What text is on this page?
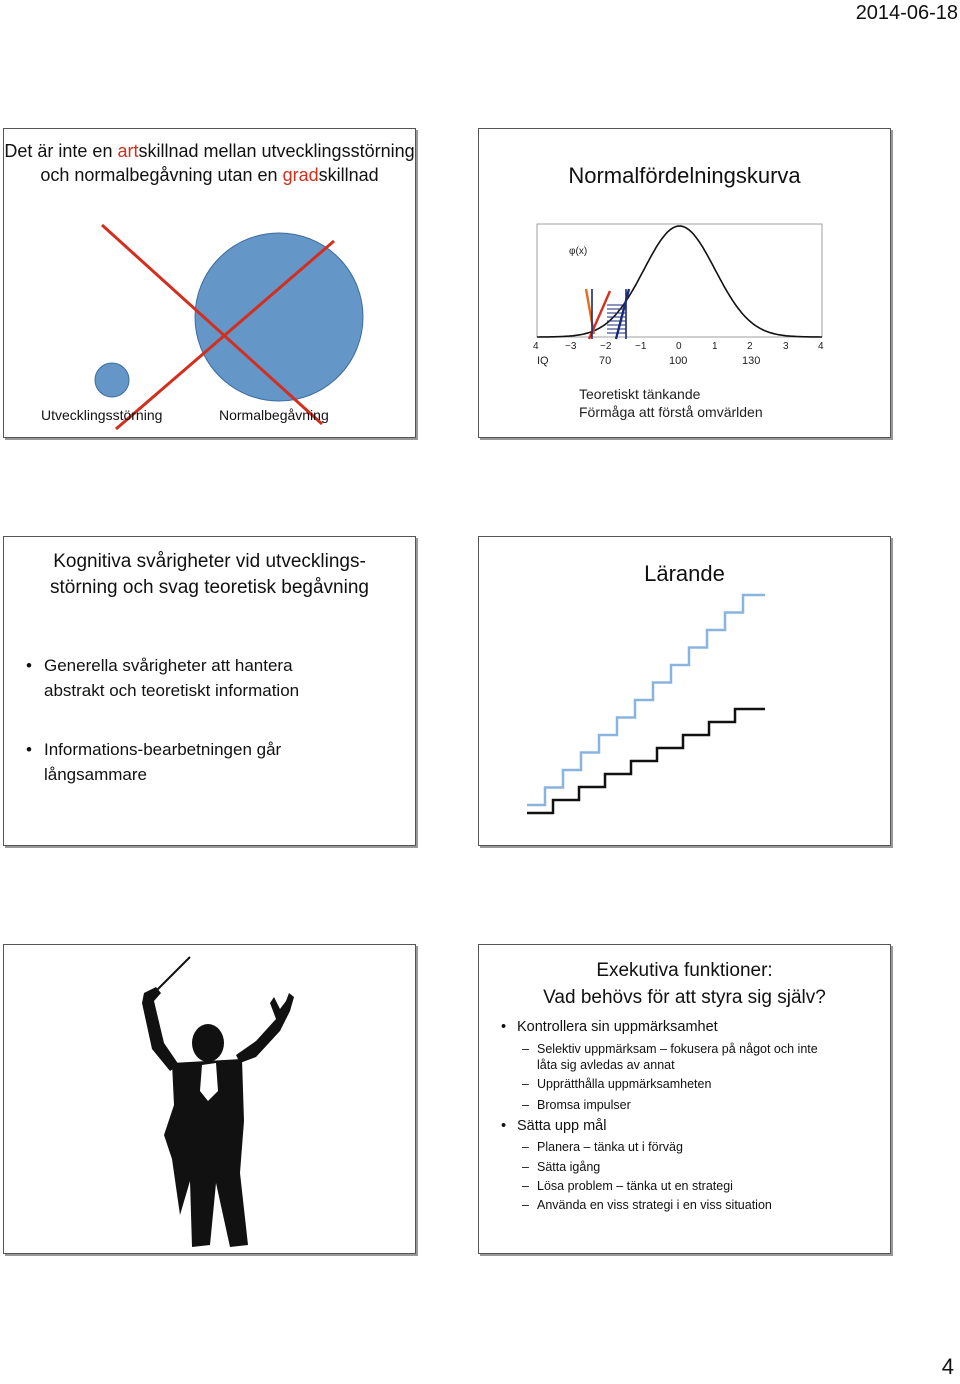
2014-06-18
Det är inte en artskillnad mellan utvecklingsstörning och normalbegåvning utan en gradskillnad
Utvecklingsstörning	Normalbegåvning
Normalfördelningskurva
φ(x)
4	−3 −2 −1	0	1	2	3	4
IQ	70	100	130
Teoretiskt tänkande
Förmåga att förstå omvärlden
Kognitiva svårigheter vid utvecklings-
störning och svag teoretisk begåvning
• Generella svårigheter att hantera
abstrakt och teoretiskt information
• Informations-bearbetningen går
långsammare
Lärande
Exekutiva funktioner:
Vad behövs för att styra sig själv?
• Kontrollera sin uppmärksamhet
– Selektiv uppmärksam – fokusera på något och inte
låta sig avledas av annat
– Upprätthålla uppmärksamheten
– Bromsa impulser
• Sätta upp mål
– Planera – tänka ut i förväg
– Sätta igång
– Lösa problem – tänka ut en strategi
– Använda en viss strategi i en viss situation
4
